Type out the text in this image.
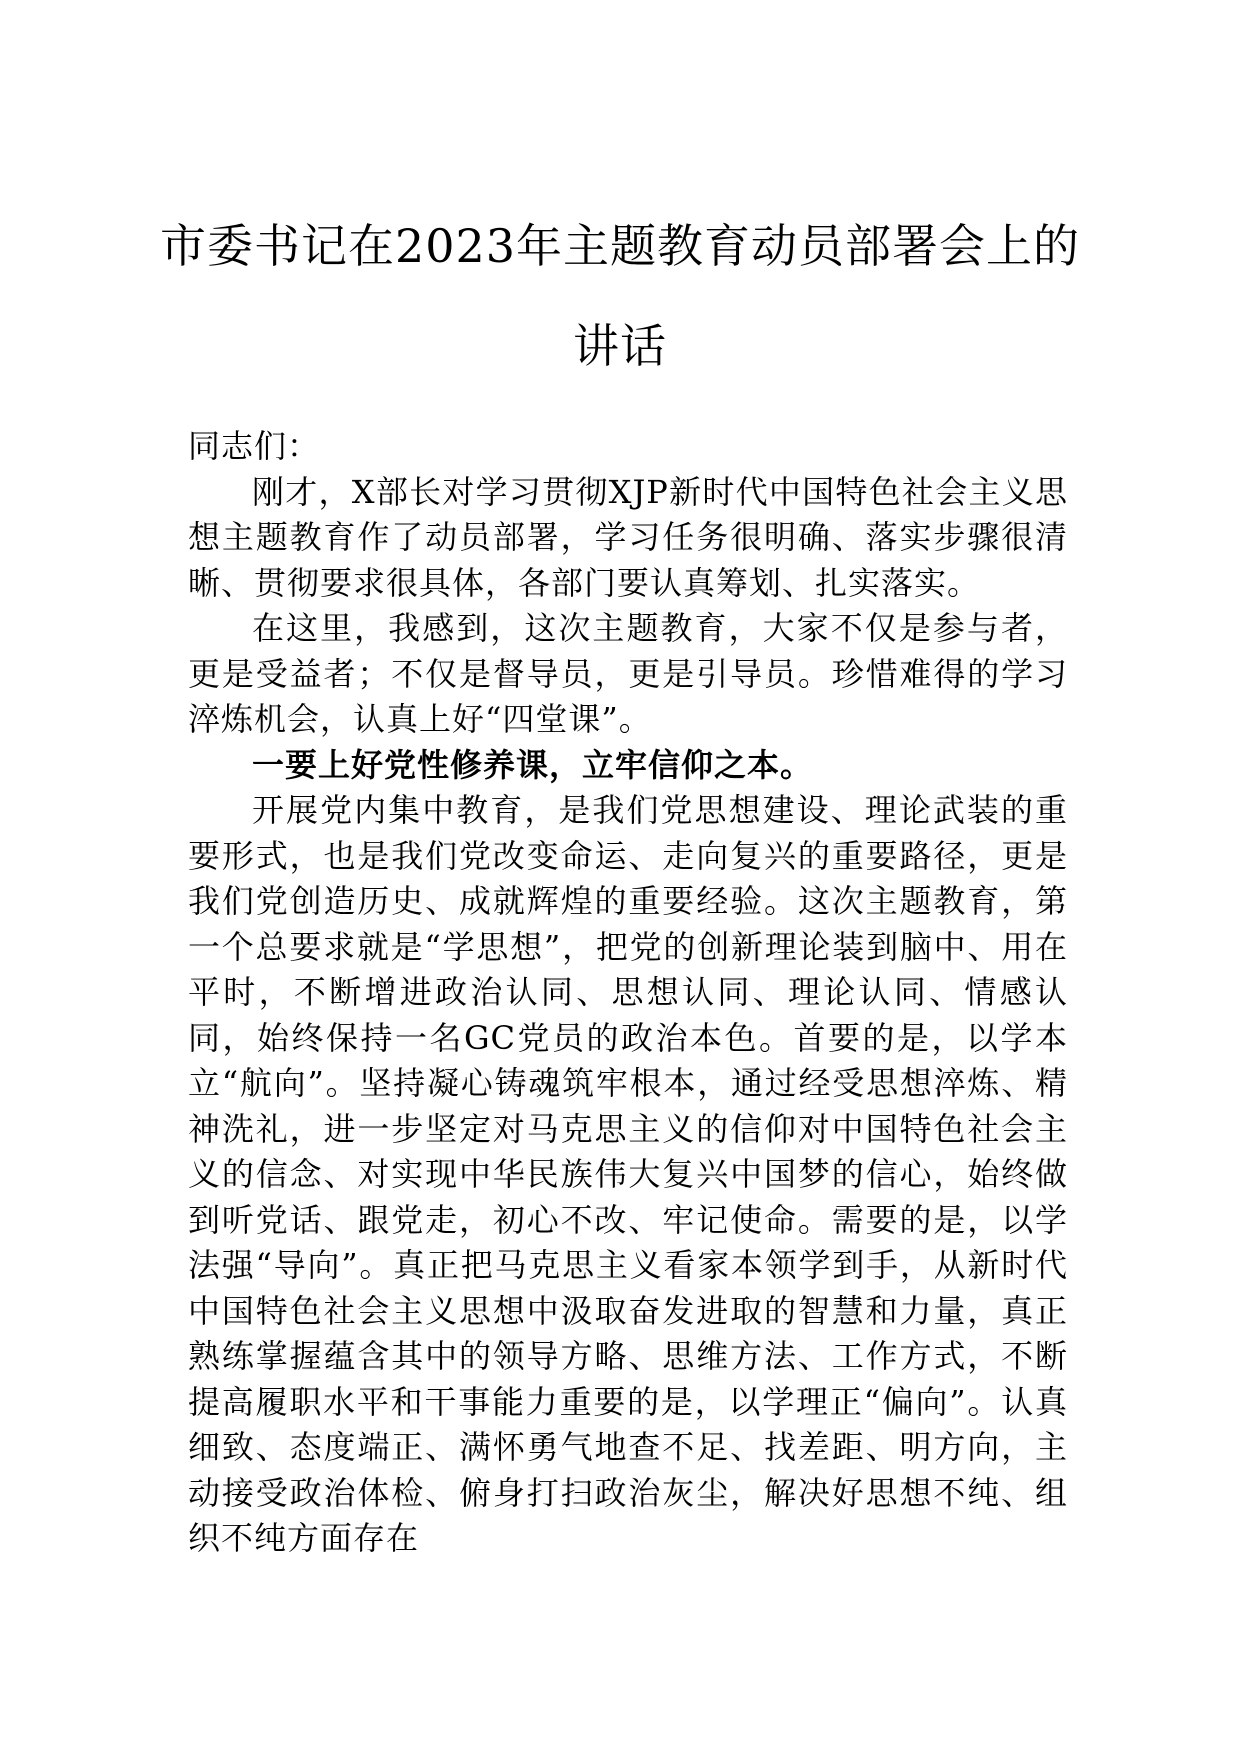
市委书记在2023年主题教育动员部署会上的讲话

同志们：

刚才，X部长对学习贯彻XJP新时代中国特色社会主义思想主题教育作了动员部署，学习任务很明确、落实步骤很清晰、贯彻要求很具体，各部门要认真筹划、扎实落实。

在这里，我感到，这次主题教育，大家不仅是参与者，更是受益者；不仅是督导员，更是引导员。珍惜难得的学习淬炼机会，认真上好“四堂课”。

一要上好党性修养课，立牢信仰之本。

开展党内集中教育，是我们党思想建设、理论武装的重要形式，也是我们党改变命运、走向复兴的重要路径，更是我们党创造历史、成就辉煌的重要经验。这次主题教育，第一个总要求就是“学思想”，把党的创新理论装到脑中、用在平时，不断增进政治认同、思想认同、理论认同、情感认同，始终保持一名GC党员的政治本色。首要的是，以学本立“航向”。坚持凝心铸魂筑牢根本，通过经受思想淬炼、精神洗礼，进一步坚定对马克思主义的信仰对中国特色社会主义的信念、对实现中华民族伟大复兴中国梦的信心，始终做到听党话、跟党走，初心不改、牢记使命。需要的是，以学法强“导向”。真正把马克思主义看家本领学到手，从新时代中国特色社会主义思想中汲取奋发进取的智慧和力量，真正熟练掌握蕴含其中的领导方略、思维方法、工作方式，不断提高履职水平和干事能力重要的是，以学理正“偏向”。认真细致、态度端正、满怀勇气地查不足、找差距、明方向，主动接受政治体检、俯身打扫政治灰尘，解决好思想不纯、组织不纯方面存在
